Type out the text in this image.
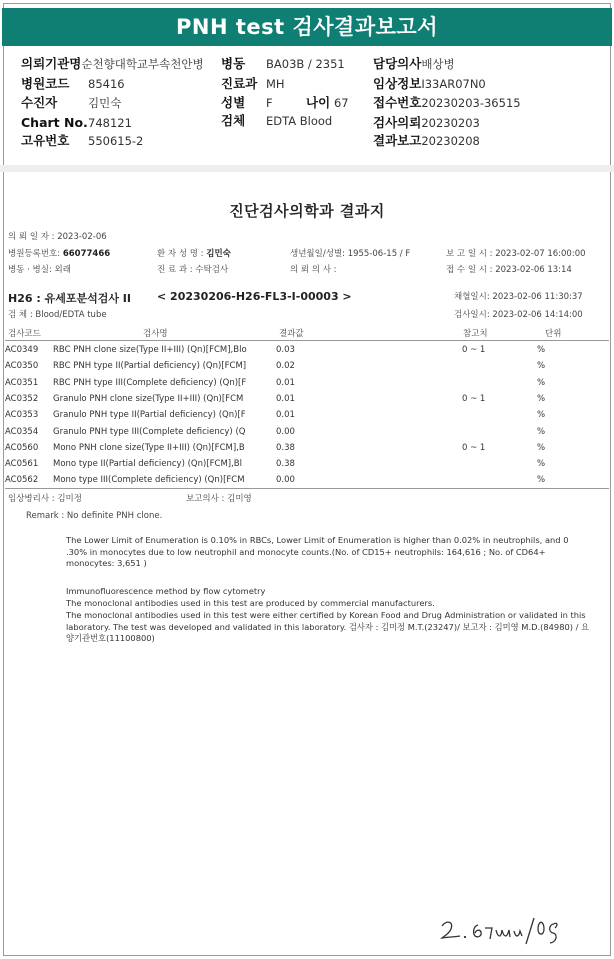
PNH test 검사결과보고서
의뢰기관명순천향대학교부속천안병 병동 BA03B / 2351 담당의사배상병
병원코드 85416	진료과 MH	임상정보I33AR07N0
수진자	김민숙	성별 F	나이 67 접수번호20230203-36515
Chart No. 748121	검체 EDTA Blood	검사의뢰20230203
고유번호 550615-2	결과보고20230208
진단검사의학과 결과지
의 뢰 일 자 : 2023-02-06
병원등록번호: 66077466	환 자 성 명 : 김민숙	생년월일/성별: 1955-06-15 / F	보 고 일 시 : 2023-02-07 16:00:00
병동 · 병실: 외래	진 료 과 : 수탁검사	의 뢰 의 사 :	접 수 일 시 : 2023-02-06 13:14
H26 : 유세포분석검사 II < 20230206-H26-FL3-I-00003 >	채혈일시: 2023-02-06 11:30:37
검 체 : Blood/EDTA tube	검사일시: 2023-02-06 14:14:00
검사코드	검사명	결과값	참고치	단위
AC0349	RBC PNH clone size(Type II+III) (Qn)[FCM],Blo	0.03	0 ~ 1	%
AC0350	RBC PNH type II(Partial deficiency) (Qn)[FCM]	0.02	%
AC0351	RBC PNH type III(Complete deficiency) (Qn)[F	0.01	%
AC0352	Granulo PNH clone size(Type II+III) (Qn)[FCM	0.01	0 ~ 1	%
AC0353	Granulo PNH type II(Partial deficiency) (Qn)[F	0.01	%
AC0354	Granulo PNH type III(Complete deficiency) (Q	0.00	%
AC0560	Mono PNH clone size(Type II+III) (Qn)[FCM],B	0.38	0 ~ 1	%
AC0561	Mono type II(Partial deficiency) (Qn)[FCM],Bl	0.38	%
AC0562	Mono type III(Complete deficiency) (Qn)[FCM	0.00	%
임상병리사 : 김미정	보고의사 : 김미영
Remark : No definite PNH clone.
The Lower Limit of Enumeration is 0.10% in RBCs, Lower Limit of Enumeration is higher than 0.02% in neutrophils, and 0 .30% in monocytes due to low neutrophil and monocyte counts.(No. of CD15+ neutrophils: 164,616 ; No. of CD64+ monocytes: 3,651 )
Immunofluorescence method by flow cytometry
The monoclonal antibodies used in this test are produced by commercial manufacturers.
The monoclonal antibodies used in this test were either certified by Korean Food and Drug Administration or validated in this laboratory. The test was developed and validated in this laboratory. 검사자 : 김미정 M.T.(23247)/ 보고자 : 김미영 M.D.(84980) / 요양기관번호(11100800)
